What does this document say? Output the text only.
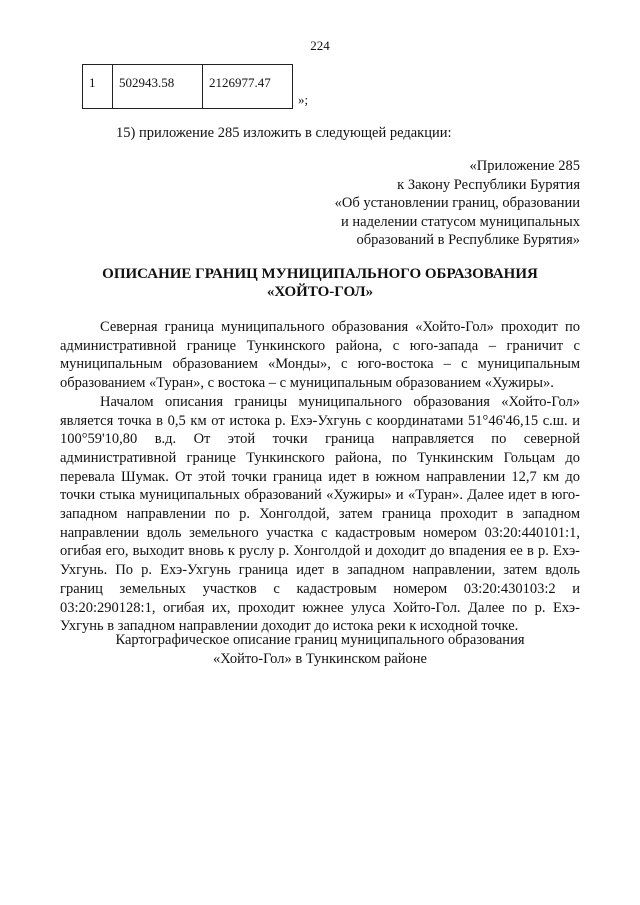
224
1	502943.58	2126977.47
»;
15) приложение 285 изложить в следующей редакции:
«Приложение 285
к Закону Республики Бурятия
«Об установлении границ, образовании
и наделении статусом муниципальных
образований в Республике Бурятия»
ОПИСАНИЕ ГРАНИЦ МУНИЦИПАЛЬНОГО ОБРАЗОВАНИЯ
«ХОЙТО-ГОЛ»

Северная граница муниципального образования «Хойто-Гол» проходит по административной границе Тункинского района, с юго-запада – граничит с муниципальным образованием «Монды», с юго-востока – с муниципальным образованием «Туран», с востока – с муниципальным образованием «Хужиры».

Началом описания границы муниципального образования «Хойто-Гол» является точка в 0,5 км от истока р. Ехэ-Ухгунь с координатами 51°46'46,15 с.ш. и 100°59'10,80 в.д. От этой точки граница направляется по северной административной границе Тункинского района, по Тункинским Гольцам до перевала Шумак. От этой точки граница идет в южном направлении 12,7 км до точки стыка муниципальных образований «Хужиры» и «Туран». Далее идет в юго-западном направлении по р. Хонголдой, затем граница проходит в западном направлении вдоль земельного участка с кадастровым номером 03:20:440101:1, огибая его, выходит вновь к руслу р. Хонголдой и доходит до впадения ее в р. Ехэ-Ухгунь. По р. Ехэ-Ухгунь граница идет в западном направлении, затем вдоль границ земельных участков с кадастровым номером 03:20:430103:2 и 03:20:290128:1, огибая их, проходит южнее улуса Хойто-Гол. Далее по р. Ехэ-Ухгунь в западном направлении доходит до истока реки к исходной точке.

Картографическое описание границ муниципального образования
«Хойто-Гол» в Тункинском районе
